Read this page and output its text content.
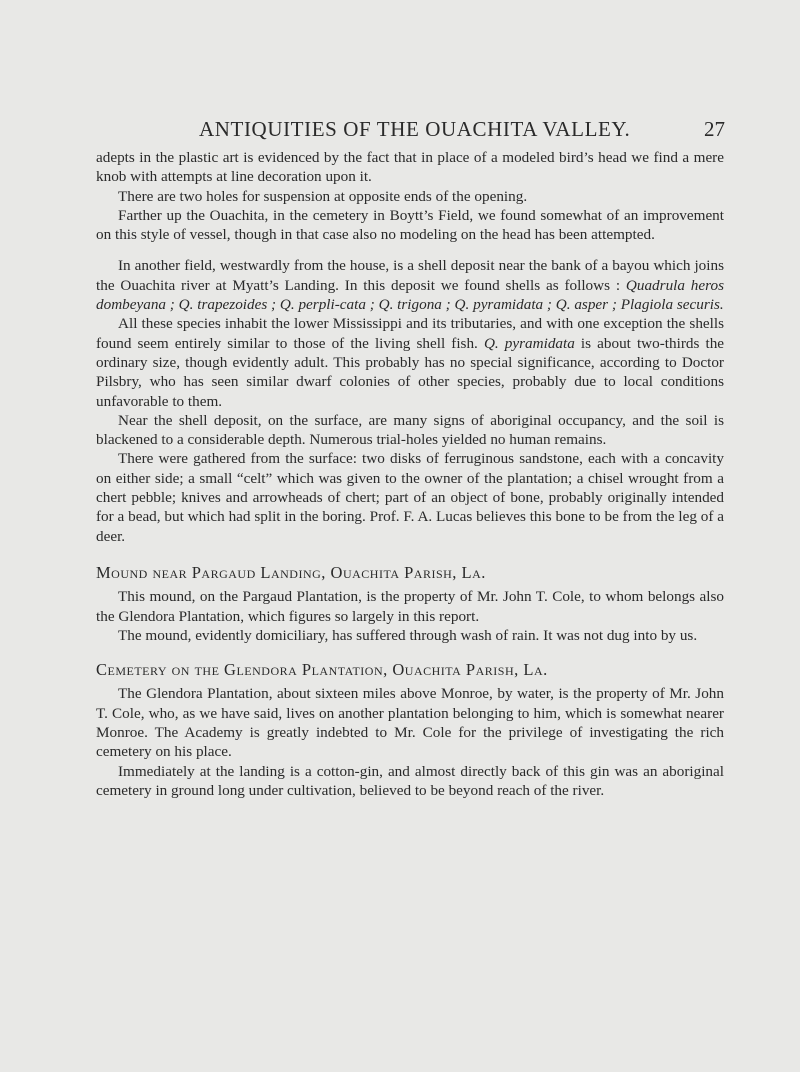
ANTIQUITIES OF THE OUACHITA VALLEY.	27

adepts in the plastic art is evidenced by the fact that in place of a modeled bird’s head we find a mere knob with attempts at line decoration upon it.

There are two holes for suspension at opposite ends of the opening.

Farther up the Ouachita, in the cemetery in Boytt’s Field, we found somewhat of an improvement on this style of vessel, though in that case also no modeling on the head has been attempted.

In another field, westwardly from the house, is a shell deposit near the bank of a bayou which joins the Ouachita river at Myatt’s Landing. In this deposit we found shells as follows : Quadrula heros dombeyana ; Q. trapezoides ; Q. perpli-cata ; Q. trigona ; Q. pyramidata ; Q. asper ; Plagiola securis.

All these species inhabit the lower Mississippi and its tributaries, and with one exception the shells found seem entirely similar to those of the living shell fish. Q. pyramidata is about two-thirds the ordinary size, though evidently adult. This probably has no special significance, according to Doctor Pilsbry, who has seen similar dwarf colonies of other species, probably due to local conditions unfavorable to them.

Near the shell deposit, on the surface, are many signs of aboriginal occupancy, and the soil is blackened to a considerable depth. Numerous trial-holes yielded no human remains.

There were gathered from the surface: two disks of ferruginous sandstone, each with a concavity on either side; a small “celt” which was given to the owner of the plantation; a chisel wrought from a chert pebble; knives and arrowheads of chert; part of an object of bone, probably originally intended for a bead, but which had split in the boring. Prof. F. A. Lucas believes this bone to be from the leg of a deer.

Mound near Pargaud Landing, Ouachita Parish, La.

This mound, on the Pargaud Plantation, is the property of Mr. John T. Cole, to whom belongs also the Glendora Plantation, which figures so largely in this report.

The mound, evidently domiciliary, has suffered through wash of rain. It was not dug into by us.

Cemetery on the Glendora Plantation, Ouachita Parish, La.

The Glendora Plantation, about sixteen miles above Monroe, by water, is the property of Mr. John T. Cole, who, as we have said, lives on another plantation belonging to him, which is somewhat nearer Monroe. The Academy is greatly indebted to Mr. Cole for the privilege of investigating the rich cemetery on his place.

Immediately at the landing is a cotton-gin, and almost directly back of this gin was an aboriginal cemetery in ground long under cultivation, believed to be beyond reach of the river.
